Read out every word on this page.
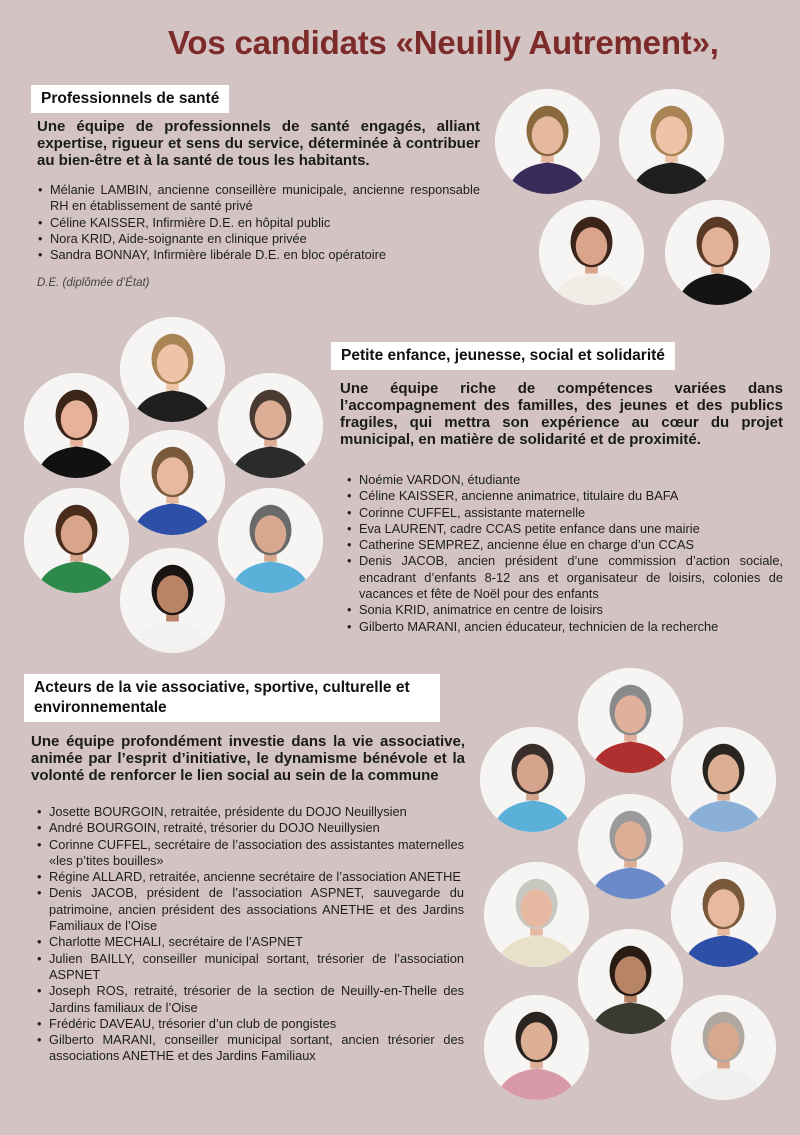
Vos candidats «Neuilly Autrement»,
Professionnels de santé
Une équipe de professionnels de santé engagés, alliant expertise, rigueur et sens du service, déterminée à contribuer au bien-être et à la santé de tous les habitants.
• Mélanie LAMBIN, ancienne conseillère municipale, ancienne responsable RH en établissement de santé privé
• Céline KAISSER, Infirmière D.E. en hôpital public
• Nora KRID, Aide-soignante en clinique privée
• Sandra BONNAY, Infirmière libérale D.E. en bloc opératoire
D.E. (diplômée d’État)
Petite enfance, jeunesse, social et solidarité
Une équipe riche de compétences variées dans l’accompagnement des familles, des jeunes et des publics fragiles, qui mettra son expérience au cœur du projet municipal, en matière de solidarité et de proximité.
• Noémie VARDON, étudiante
• Céline KAISSER, ancienne animatrice, titulaire du BAFA
• Corinne CUFFEL, assistante maternelle
• Eva LAURENT, cadre CCAS petite enfance dans une mairie
• Catherine SEMPREZ, ancienne élue en charge d’un CCAS
• Denis JACOB, ancien président d’une commission d’action sociale, encadrant d’enfants 8-12 ans et organisateur de loisirs, colonies de vacances et fête de Noël pour des enfants
• Sonia KRID, animatrice en centre de loisirs
• Gilberto MARANI, ancien éducateur, technicien de la recherche
Acteurs de la vie associative, sportive, culturelle et environnementale
Une équipe profondément investie dans la vie associative, animée par l’esprit d’initiative, le dynamisme bénévole et la volonté de renforcer le lien social au sein de la commune
• Josette BOURGOIN, retraitée, présidente du DOJO Neuillysien
• André BOURGOIN, retraité, trésorier du DOJO Neuillysien
• Corinne CUFFEL, secrétaire de l’association des assistantes maternelles «les p’tites bouilles»
• Régine ALLARD, retraitée, ancienne secrétaire de l’association ANETHE
• Denis JACOB, président de l’association ASPNET, sauvegarde du patrimoine, ancien président des associations ANETHE et des Jardins Familiaux de l’Oise
• Charlotte MECHALI, secrétaire de l’ASPNET
• Julien BAILLY, conseiller municipal sortant, trésorier de l’association ASPNET
• Joseph ROS, retraité, trésorier de la section de Neuilly-en-Thelle des Jardins familiaux de l’Oise
• Frédéric DAVEAU, trésorier d’un club de pongistes
• Gilberto MARANI, conseiller municipal sortant, ancien trésorier des associations ANETHE et des Jardins Familiaux
